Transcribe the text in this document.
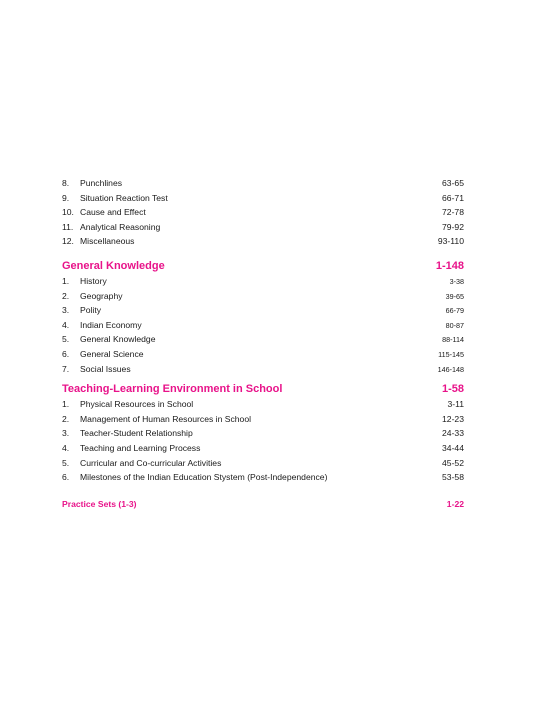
8.	Punchlines	63-65
9.	Situation Reaction Test	66-71
10. Cause and Effect	72-78
11. Analytical Reasoning	79-92
12. Miscellaneous	93-110
General Knowledge	1-148
1.	History	3-38
2.	Geography	39-65
3.	Polity	66-79
4.	Indian Economy	80-87
5.	General Knowledge	88-114
6.	General Science	115-145
7.	Social Issues	146-148
Teaching-Learning Environment in School	1-58
1.	Physical Resources in School	3-11
2.	Management of Human Resources in School	12-23
3.	Teacher-Student Relationship	24-33
4.	Teaching and Learning Process	34-44
5.	Curricular and Co-curricular Activities	45-52
6.	Milestones of the Indian Education Stystem (Post-Independence)	53-58
Practice Sets (1-3)	1-22
